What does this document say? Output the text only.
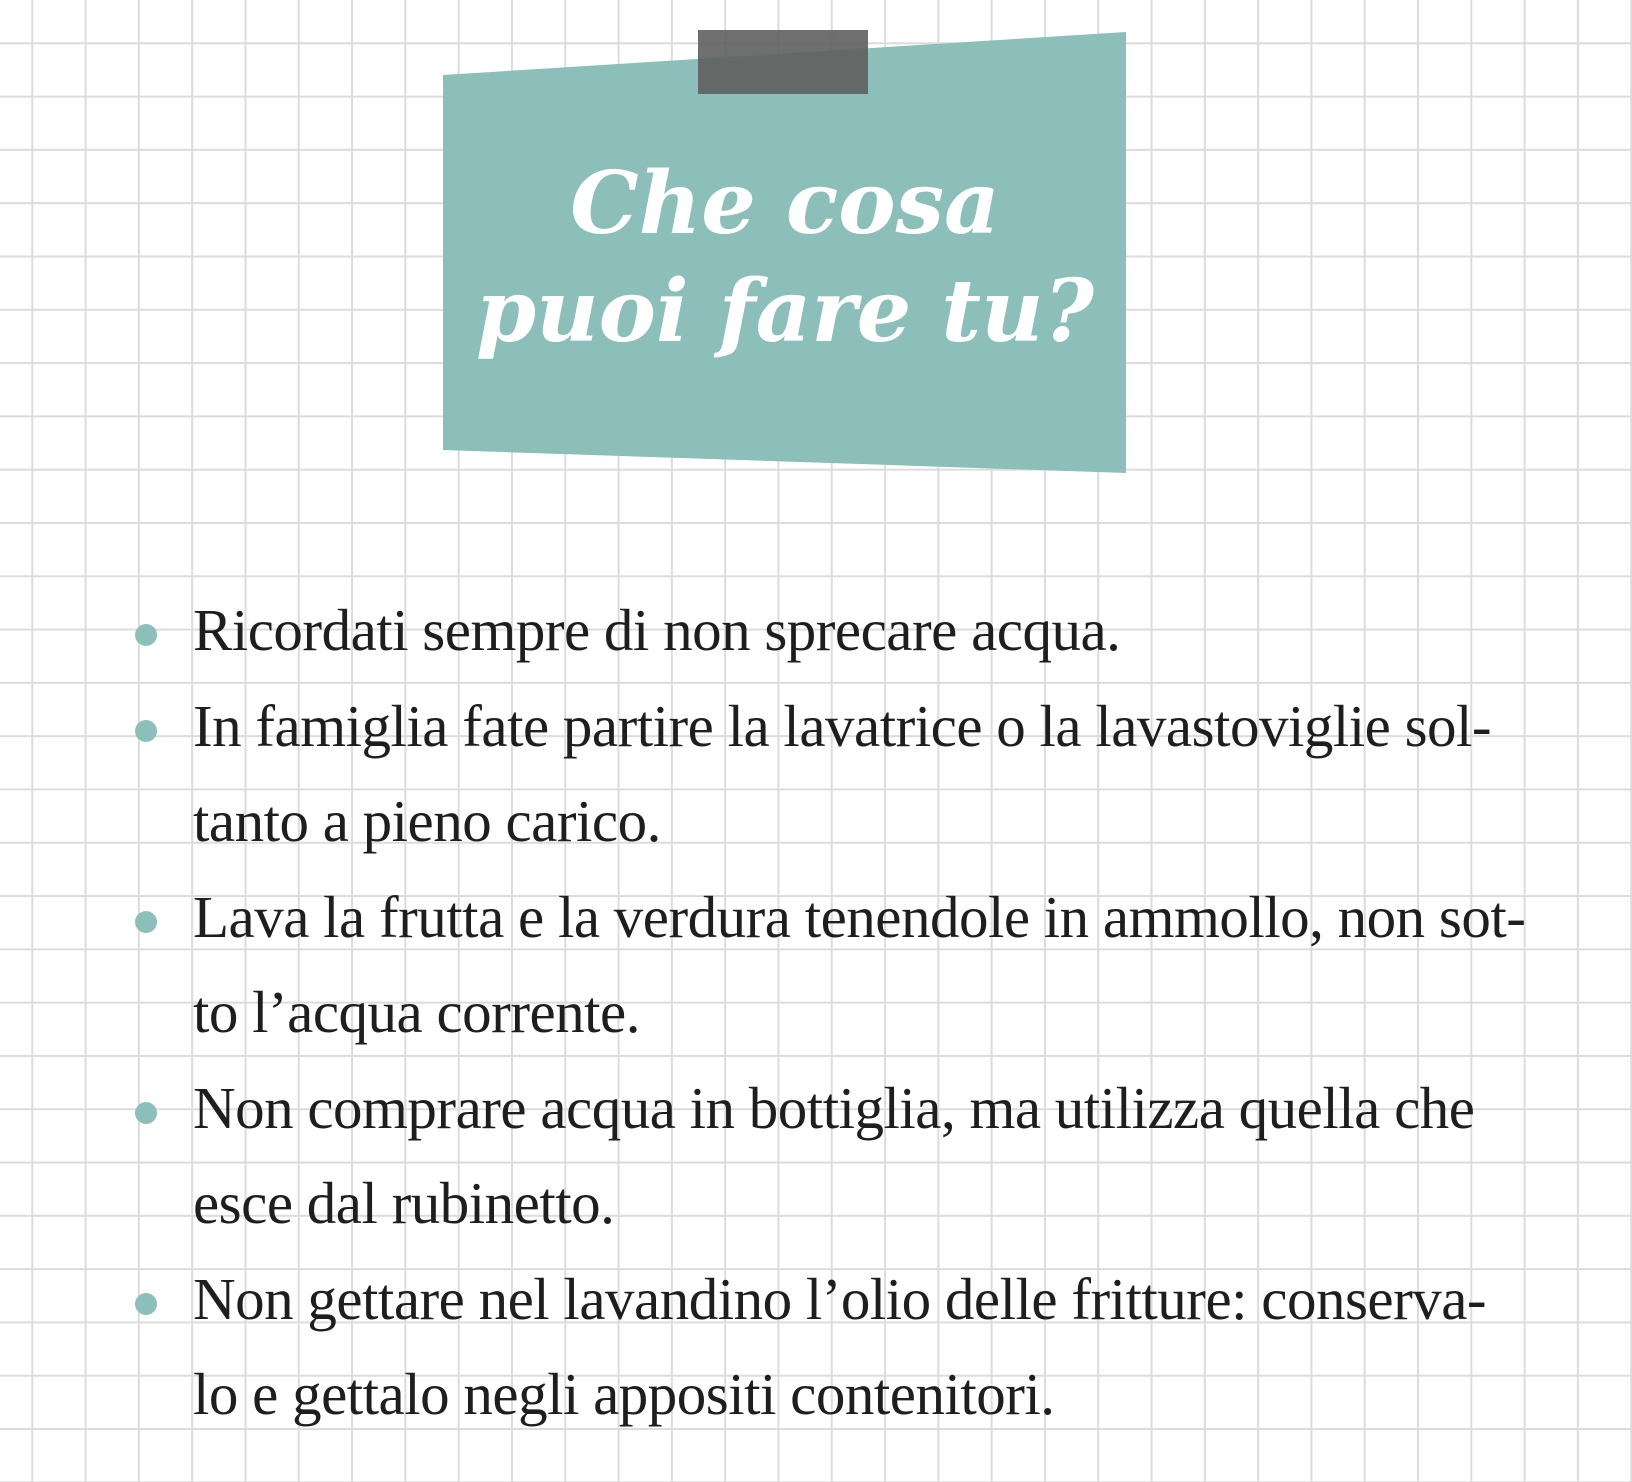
Che cosa
puoi fare tu?
Ricordati sempre di non sprecare acqua.
In famiglia fate partire la lavatrice o la lavastoviglie sol-
tanto a pieno carico.
Lava la frutta e la verdura tenendole in ammollo, non sot-
to l’acqua corrente.
Non comprare acqua in bottiglia, ma utilizza quella che
esce dal rubinetto.
Non gettare nel lavandino l’olio delle fritture: conserva-
lo e gettalo negli appositi contenitori.
